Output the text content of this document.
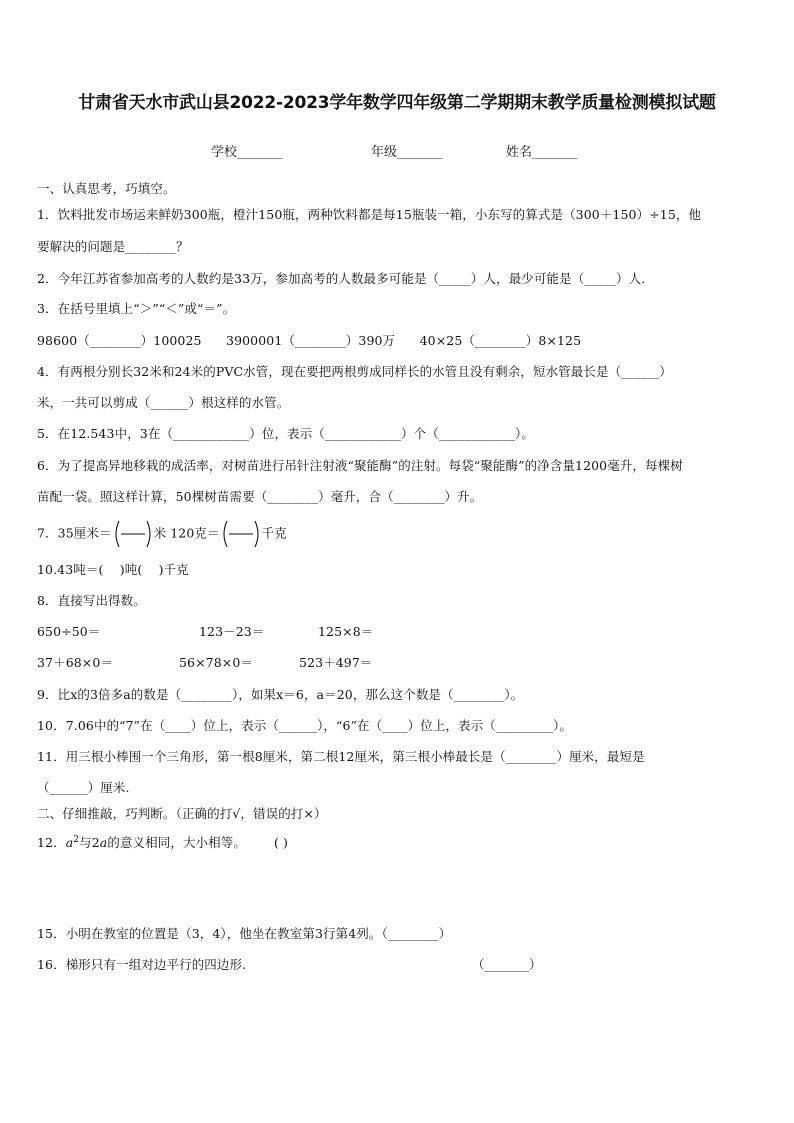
甘肃省天水市武山县2022-2023学年数学四年级第二学期期末教学质量检测模拟试题
学校_______	年级_______	姓名_______
一、认真思考，巧填空。
1．饮料批发市场运来鲜奶300瓶，橙汁150瓶，两种饮料都是每15瓶装一箱，小东写的算式是（300＋150）÷15，他
要解决的问题是________？
2．今年江苏省参加高考的人数约是33万，参加高考的人数最多可能是（_____）人，最少可能是（_____）人．
3．在括号里填上“＞”“＜”或“＝”。
98600（________）100025      3900001（________）390万      40×25（________）8×125
4．有两根分别长32米和24米的PVC水管，现在要把两根剪成同样长的水管且没有剩余，短水管最长是（______）
米，一共可以剪成（______）根这样的水管。
5．在12.543中，3在（____________）位，表示（____________）个（____________）。
6．为了提高异地移栽的成活率，对树苗进行吊针注射液“聚能酶”的注射。每袋“聚能酶”的净含量1200毫升，每棵树
苗配一袋。照这样计算，50棵树苗需要（________）毫升，合（________）升。
7．35厘米＝	米 120克＝	千克
10.43吨＝(    )吨(    )千克
8．直接写出得数。
650÷50＝	123－23＝	125×8＝
37＋68×0＝	56×78×0＝	523＋497＝
9．比x的3倍多a的数是（________），如果x＝6，a＝20，那么这个数是（________）。
10．7.06中的“7”在（____）位上，表示（______），“6”在（____）位上，表示（_________）。
11．用三根小棒围一个三角形，第一根8厘米，第二根12厘米，第三根小棒最长是（________）厘米，最短是
（______）厘米.
二、仔细推敲，巧判断。（正确的打√，错误的打×）
12．$a^2$与2a的意义相同，大小相等。 ( )
15．小明在教室的位置是（3，4），他坐在教室第3行第4列。（________）
16．梯形只有一组对边平行的四边形.	（_______）
